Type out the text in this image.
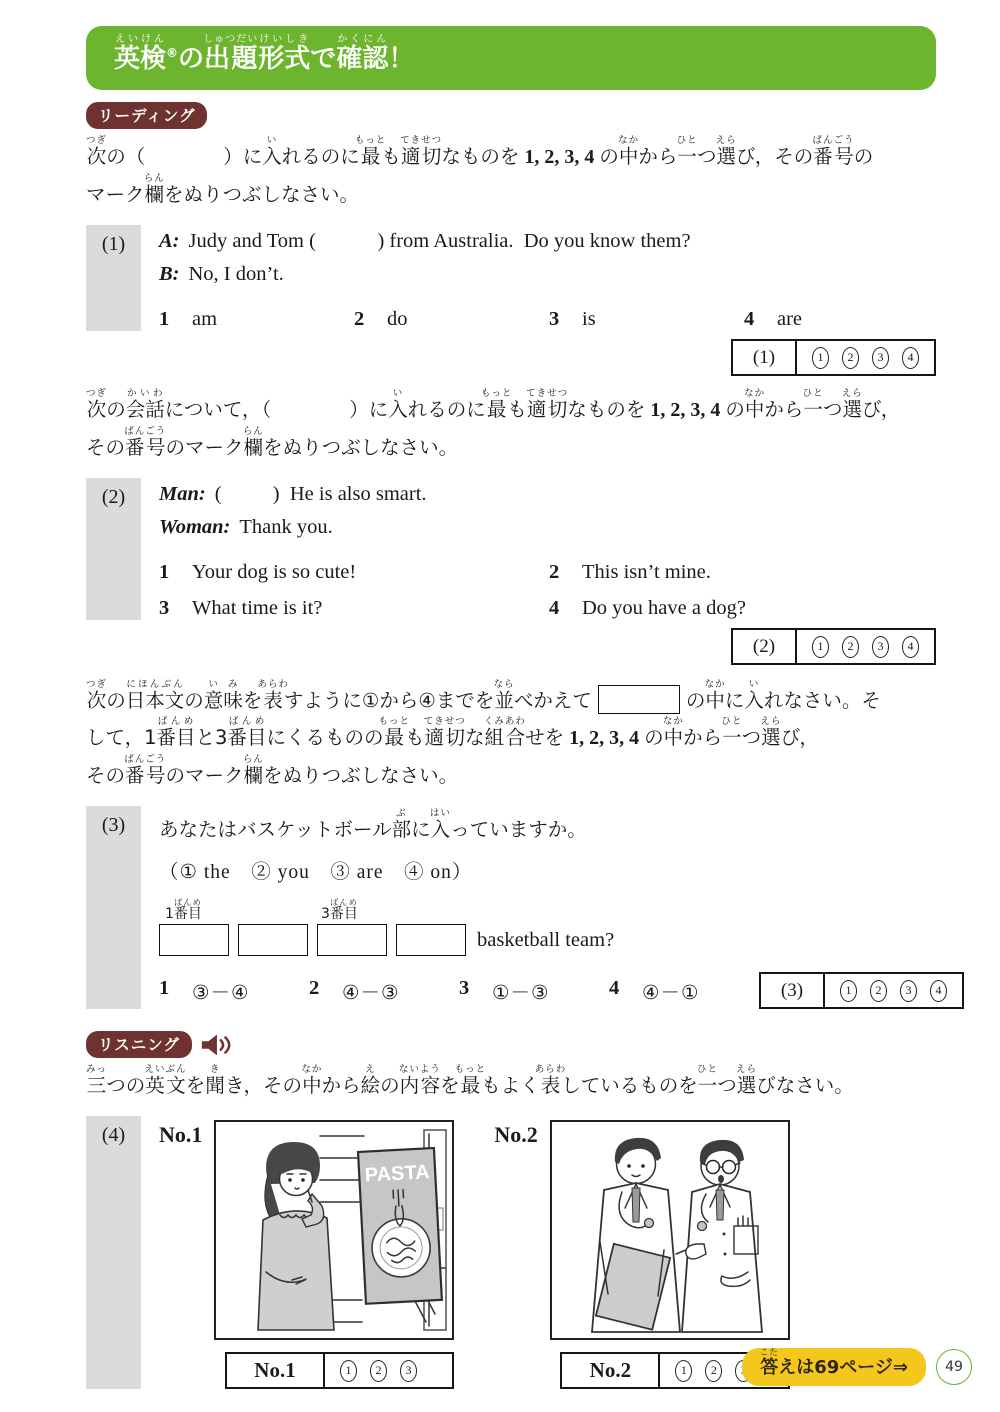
英検えいけん®の出題しゅつだい形式けいしきで確認かくにん！
リーディング

次つぎの（　　　　）に入いれるのに最もっとも適切てきせつなものを 1, 2, 3, 4 の中なかから一ひとつ選えらび，その番号ばんごうの
マーク欄らんをぬりつぶしなさい。

(1)	A: Judy and Tom (            ) from Australia.  Do you know them?

B: No, I don’t.

1	am	2	do	3	is	4	are
(1)	1	2	3	4

次つぎの会話かいわについて，（　　　　）に入いれるのに最もっとも適切てきせつなものを 1, 2, 3, 4 の中なかから一ひとつ選えらび，
その番号ばんごうのマーク欄らんをぬりつぶしなさい。

(2)	Man: (          )  He is also smart.

Woman: Thank you.

1	Your dog is so cute!	2	This isn’t mine.
3	What time is it?	4	Do you have a dog?
(2)	1	2	3	4

次つぎの日本文にほんぶんの意味いみを表あらわすように①から④までを並ならべかえて	の中なかに入いれなさい。そ
して，1番目ばんめと3番目ばんめにくるものの最もっとも適切てきせつな組合くみあわせを 1, 2, 3, 4 の中なかから一ひとつ選えらび，
その番号ばんごうのマーク欄らんをぬりつぶしなさい。

(3)	あなたはバスケットボール部ぶに入はいっていますか。

（① the　② you　③ are　④ on）
1番目ばんめ
3番目ばんめ
basketball team?
1	③－④	2	④－③	3	①－③	4	④－①	(3)	1	2	3	4
リスニング

三みっつの英文えいぶんを聞きき，その中なかから絵えの内容ないようを最もっともよく表あらわしているものを一ひとつ選えらびなさい。

(4)	No.1
PASTA
No.1	1	2	3
No.2
No.2	1	2	答こたえは69ページ⇒	49
